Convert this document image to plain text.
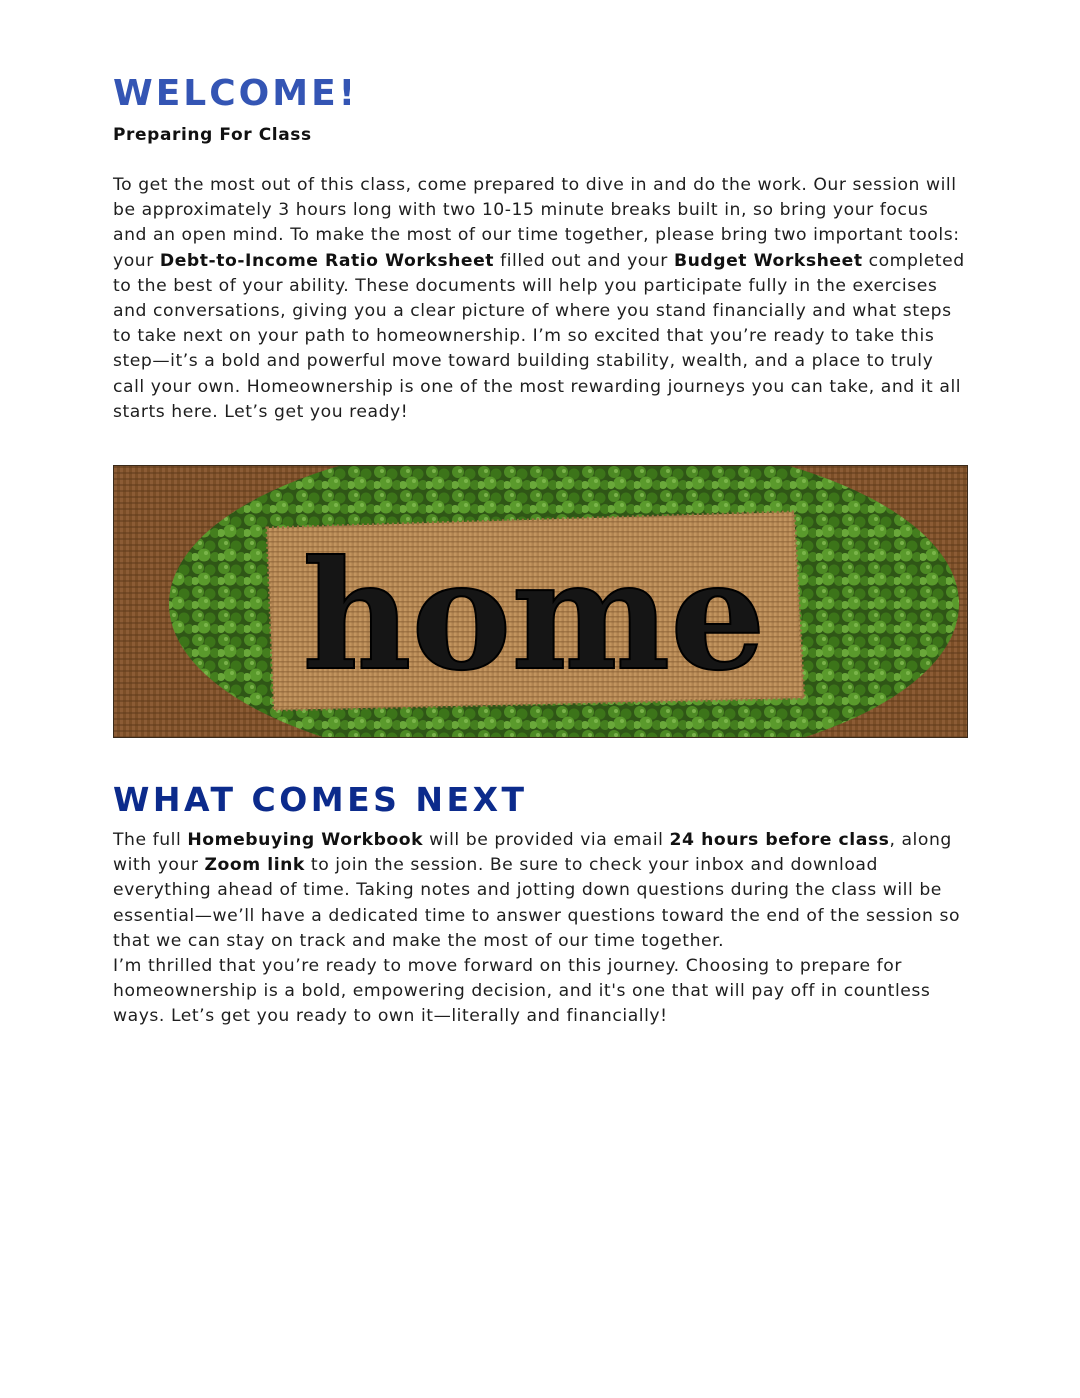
WELCOME!

Preparing For Class

To get the most out of this class, come prepared to dive in and do the work. Our session will be approximately 3 hours long with two 10-15 minute breaks built in, so bring your focus and an open mind. To make the most of our time together, please bring two important tools: your Debt-to-Income Ratio Worksheet filled out and your Budget Worksheet completed to the best of your ability. These documents will help you participate fully in the exercises and conversations, giving you a clear picture of where you stand financially and what steps to take next on your path to homeownership. I’m so excited that you’re ready to take this step—it’s a bold and powerful move toward building stability, wealth, and a place to truly call your own. Homeownership is one of the most rewarding journeys you can take, and it all starts here. Let’s get you ready!

home
WHAT COMES NEXT

The full Homebuying Workbook will be provided via email 24 hours before class, along with your Zoom link to join the session. Be sure to check your inbox and download everything ahead of time. Taking notes and jotting down questions during the class will be essential—we’ll have a dedicated time to answer questions toward the end of the session so that we can stay on track and make the most of our time together.

I’m thrilled that you’re ready to move forward on this journey. Choosing to prepare for homeownership is a bold, empowering decision, and it's one that will pay off in countless ways. Let’s get you ready to own it—literally and financially!
